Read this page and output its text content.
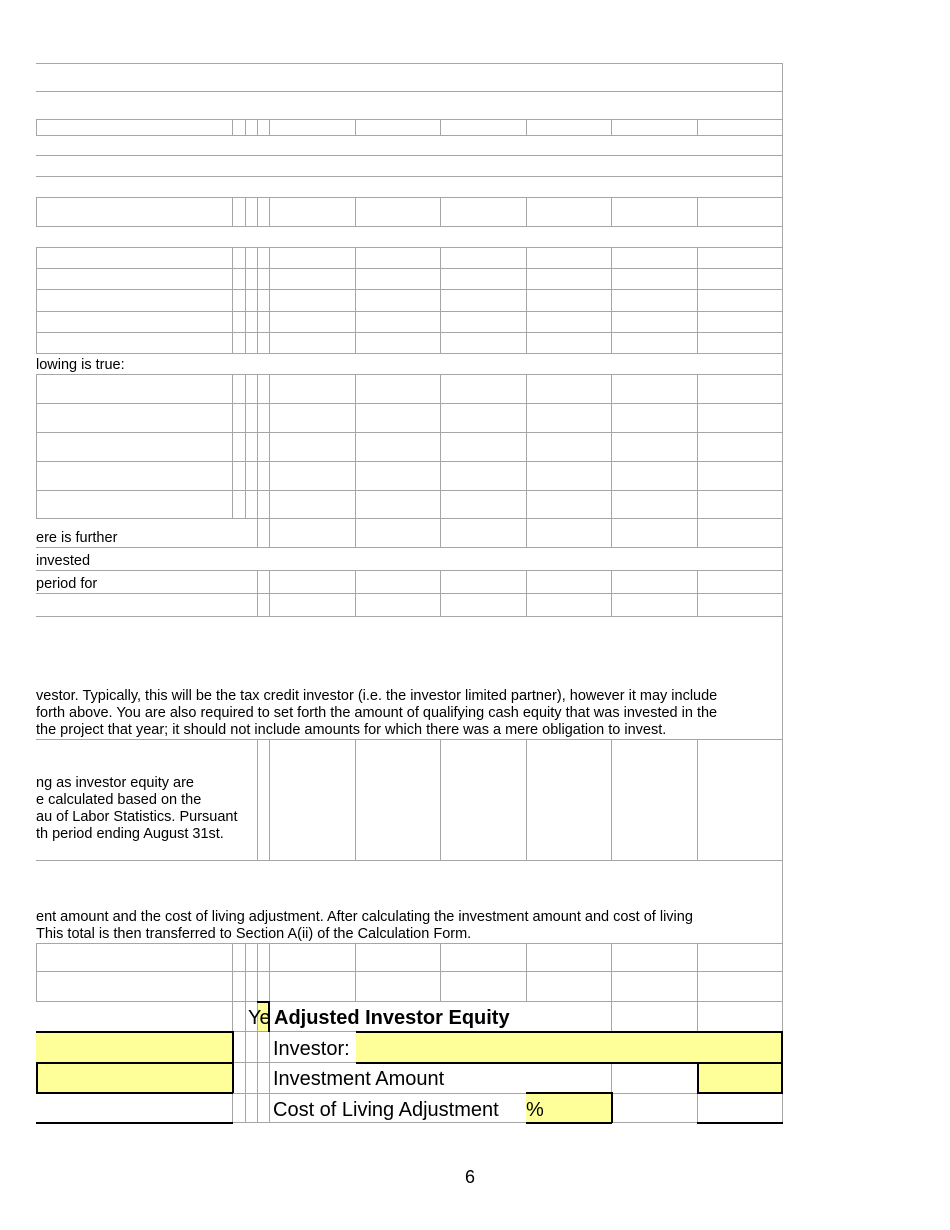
lowing is true:
ere is further
invested
period for
vestor. Typically, this will be the tax credit investor (i.e. the investor limited partner), however it may include
forth above. You are also required to set forth the amount of qualifying cash equity that was invested in the
the project that year; it should not include amounts for which there was a mere obligation to invest.
ng as investor equity are
e calculated based on the
au of Labor Statistics. Pursuant
th period ending August 31st.
ent amount and the cost of living adjustment. After calculating the investment amount and cost of living
This total is then transferred to Section A(ii) of the Calculation Form.
Ye Adjusted Investor Equity
Investor:
Investment Amount
Cost of Living Adjustment %
6
